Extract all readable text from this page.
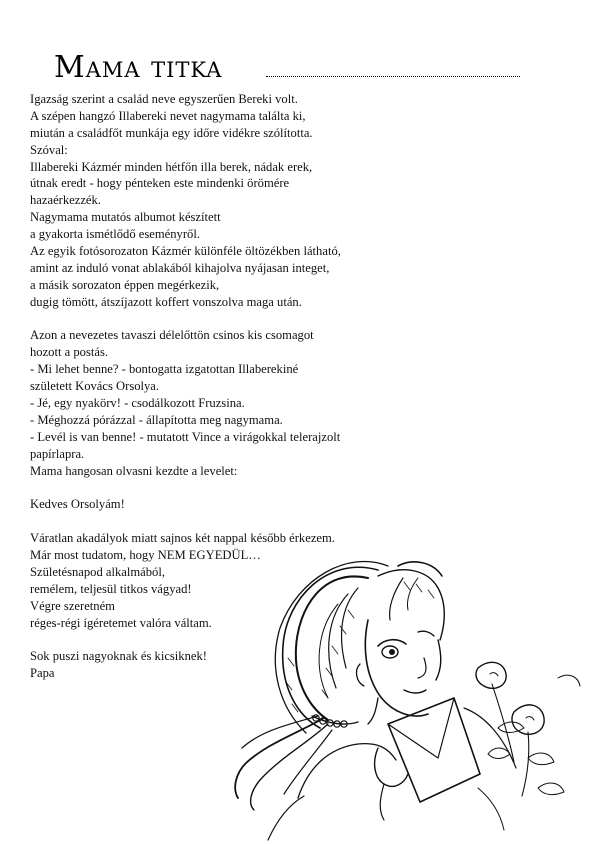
Mama titka
Igazság szerint a család neve egyszerűen Bereki volt.
A szépen hangzó Illabereki nevet nagymama találta ki,
miután a családfőt munkája egy időre vidékre szólította.
Szóval:
Illabereki Kázmér minden hétfőn illa berek, nádak erek,
útnak eredt - hogy pénteken este mindenki örömére
hazaérkezzék.
Nagymama mutatós albumot készített
a gyakorta ismétlődő eseményről.
Az egyik fotósorozaton Kázmér különféle öltözékben látható,
amint az induló vonat ablakából kihajolva nyájasan integet,
a másik sorozaton éppen megérkezik,
dugig tömött, átszíjazott koffert vonszolva maga után.
Azon a nevezetes tavaszi délelőttön csinos kis csomagot
hozott a postás.
- Mi lehet benne? - bontogatta izgatottan Illaberekiné
született Kovács Orsolya.
- Jé, egy nyakörv! - csodálkozott Fruzsina.
- Méghozzá pórázzal - állapította meg nagymama.
- Levél is van benne! - mutatott Vince a virágokkal telerajzolt
papírlapra.
Mama hangosan olvasni kezdte a levelet:
Kedves Orsolyám!
Váratlan akadályok miatt sajnos két nappal később érkezem.
Már most tudatom, hogy NEM EGYEDÜL…
Születésnapod alkalmából,
remélem, teljesül titkos vágyad!
Végre szeretném
réges-régi ígéretemet valóra váltam.
Sok puszi nagyoknak és kicsiknek!
Papa
